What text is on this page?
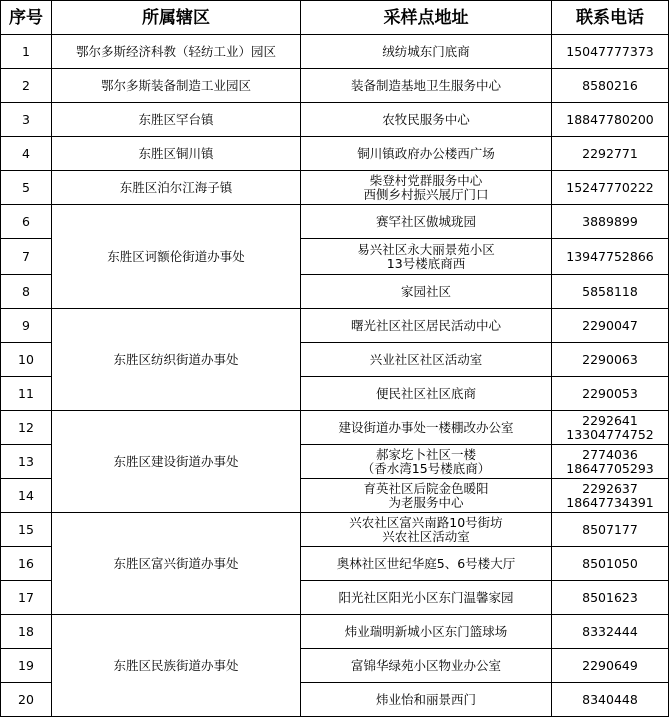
序号	所属辖区	采样点地址	联系电话
1	鄂尔多斯经济科教（轻纺工业）园区	绒纺城东门底商	15047777373

2	鄂尔多斯装备制造工业园区	装备制造基地卫生服务中心	8580216

3	东胜区罕台镇	农牧民服务中心	18847780200

4	东胜区铜川镇	铜川镇政府办公楼西广场	2292771

5	东胜区泊尔江海子镇	柴登村党群服务中心
西侧乡村振兴展厅门口	15247770222

6	东胜区诃额伦街道办事处	赛罕社区傲城珑园	3889899

7		易兴社区永大丽景苑小区
13号楼底商西	13947752866

8		家园社区	5858118

9	东胜区纺织街道办事处	曙光社区社区居民活动中心	2290047

10		兴业社区社区活动室	2290063

11		便民社区社区底商	2290053

12	东胜区建设街道办事处	建设街道办事处一楼棚改办公室	2292641
13304774752

13		郝家圪卜社区一楼
（香水湾15号楼底商）	2774036
18647705293

14		育英社区后院金色暖阳
为老服务中心	2292637
18647734391

15	东胜区富兴街道办事处	兴农社区富兴南路10号街坊
兴农社区活动室	8507177

16		奥林社区世纪华庭5、6号楼大厅	8501050

17		阳光社区阳光小区东门温馨家园	8501623

18	东胜区民族街道办事处	炜业瑞明新城小区东门篮球场	8332444

19		富锦华绿苑小区物业办公室	2290649

20		炜业怡和丽景西门	8340448
